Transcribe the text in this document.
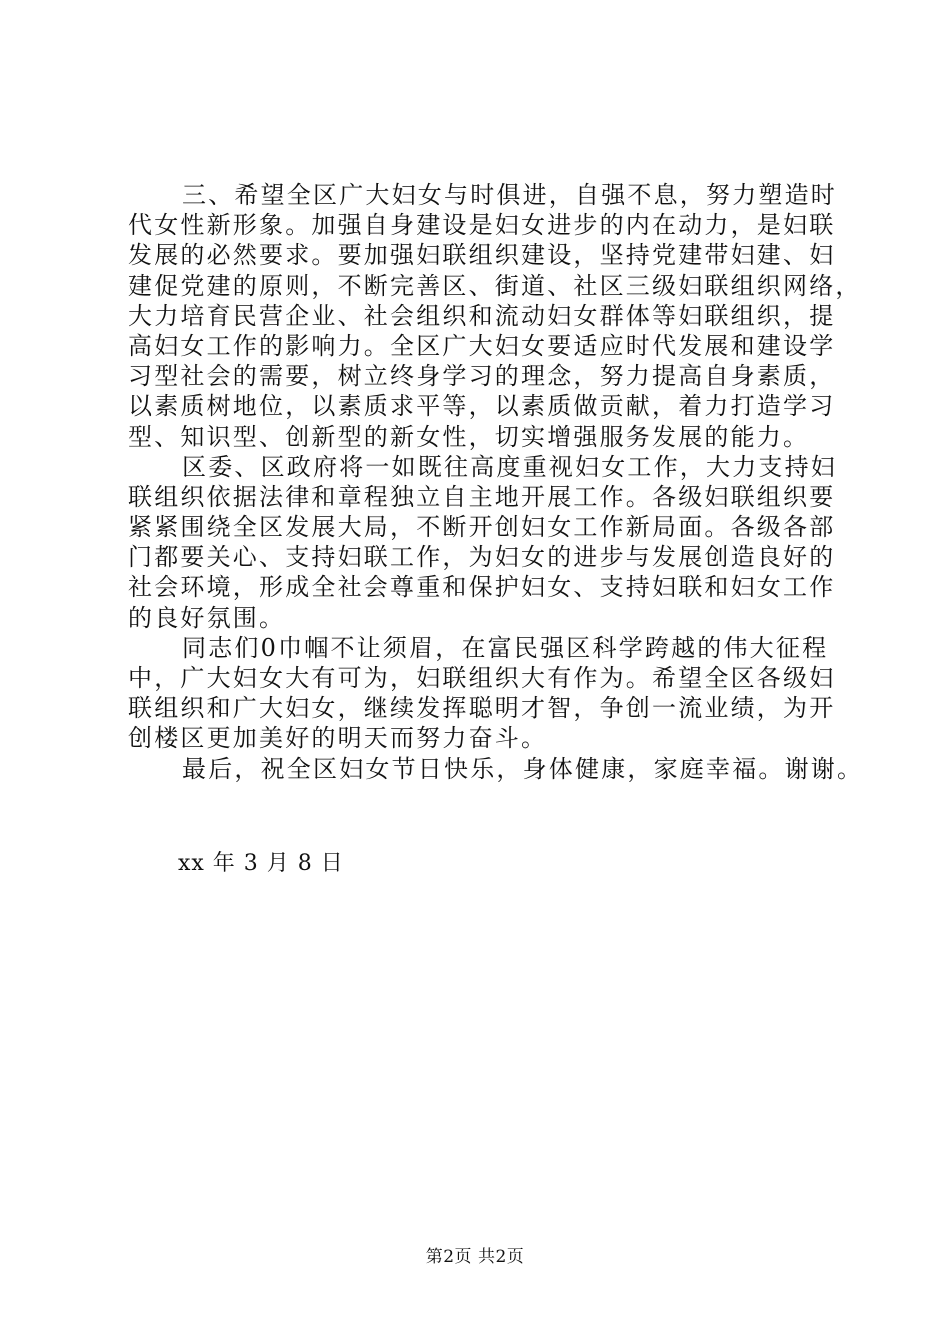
三、希望全区广大妇女与时俱进，自强不息，努力塑造时
代女性新形象。加强自身建设是妇女进步的内在动力，是妇联
发展的必然要求。要加强妇联组织建设，坚持党建带妇建、妇
建促党建的原则，不断完善区、街道、社区三级妇联组织网络，
大力培育民营企业、社会组织和流动妇女群体等妇联组织，提
高妇女工作的影响力。全区广大妇女要适应时代发展和建设学
习型社会的需要，树立终身学习的理念，努力提高自身素质，
以素质树地位，以素质求平等，以素质做贡献，着力打造学习
型、知识型、创新型的新女性，切实增强服务发展的能力。
区委、区政府将一如既往高度重视妇女工作，大力支持妇
联组织依据法律和章程独立自主地开展工作。各级妇联组织要
紧紧围绕全区发展大局，不断开创妇女工作新局面。各级各部
门都要关心、支持妇联工作，为妇女的进步与发展创造良好的
社会环境，形成全社会尊重和保护妇女、支持妇联和妇女工作
的良好氛围。
同志们0巾帼不让须眉，在富民强区科学跨越的伟大征程
中，广大妇女大有可为，妇联组织大有作为。希望全区各级妇
联组织和广大妇女，继续发挥聪明才智，争创一流业绩，为开
创楼区更加美好的明天而努力奋斗。
最后，祝全区妇女节日快乐，身体健康，家庭幸福。谢谢。
xx 年 3 月 8 日
第2页 共2页
